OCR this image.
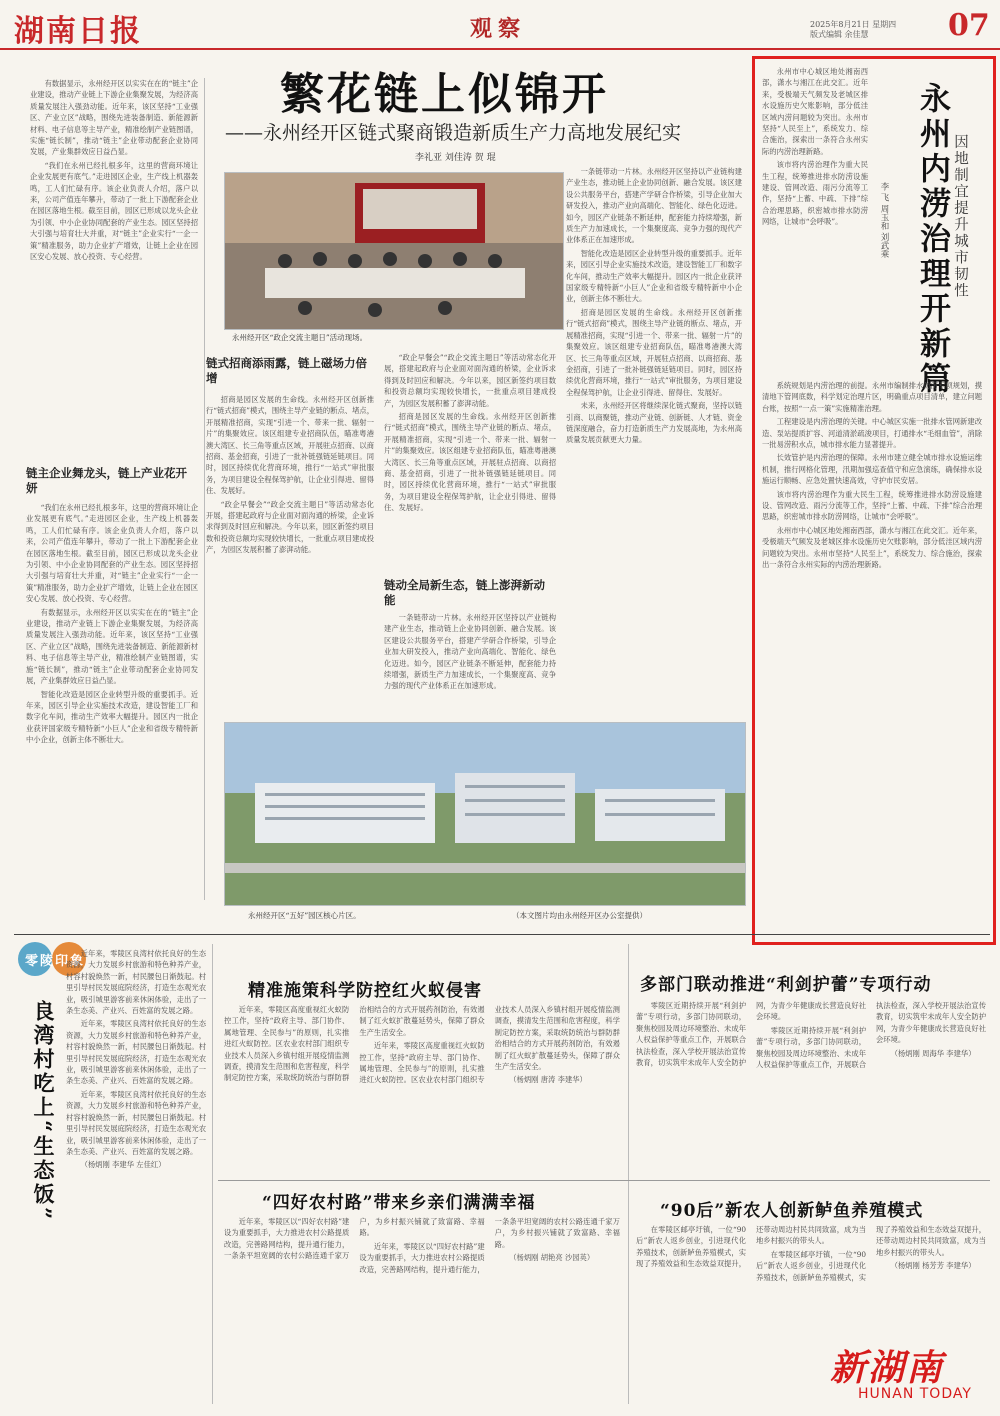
湖南日报	观察	2025年8月21日 星期四
版式编辑 余佳慧	07
繁花链上似锦开
——永州经开区链式聚商锻造新质生产力高地发展纪实
李礼亚 刘佳涛 贺 琨

有数据显示，永州经开区以实实在在的“链主”企业建设，推动产业链上下游企业集聚发展，为经济高质量发展注入强劲动能。近年来，该区坚持“工业强区、产业立区”战略，围绕先进装备制造、新能源新材料、电子信息等主导产业，精准绘制产业链图谱，实施“链长制”，推动“链主”企业带动配套企业协同发展，产业集群效应日益凸显。

“我们在永州已经扎根多年，这里的营商环境让企业发展更有底气。”走进园区企业，生产线上机器轰鸣，工人们忙碌有序。该企业负责人介绍，落户以来，公司产值连年攀升，带动了一批上下游配套企业在园区落地生根。截至目前，园区已形成以龙头企业为引领、中小企业协同配套的产业生态。园区坚持招大引强与培育壮大并重，对“链主”企业实行“一企一策”精准服务，助力企业扩产增效，让链上企业在园区安心发展、放心投资、专心经营。

链主企业舞龙头，链上产业花开妍

“我们在永州已经扎根多年，这里的营商环境让企业发展更有底气。”走进园区企业，生产线上机器轰鸣，工人们忙碌有序。该企业负责人介绍，落户以来，公司产值连年攀升，带动了一批上下游配套企业在园区落地生根。截至目前，园区已形成以龙头企业为引领、中小企业协同配套的产业生态。园区坚持招大引强与培育壮大并重，对“链主”企业实行“一企一策”精准服务，助力企业扩产增效，让链上企业在园区安心发展、放心投资、专心经营。

有数据显示，永州经开区以实实在在的“链主”企业建设，推动产业链上下游企业集聚发展，为经济高质量发展注入强劲动能。近年来，该区坚持“工业强区、产业立区”战略，围绕先进装备制造、新能源新材料、电子信息等主导产业，精准绘制产业链图谱，实施“链长制”，推动“链主”企业带动配套企业协同发展，产业集群效应日益凸显。

智能化改造是园区企业转型升级的重要抓手。近年来，园区引导企业实施技术改造，建设智能工厂和数字化车间，推动生产效率大幅提升。园区内一批企业获评国家级专精特新“小巨人”企业和省级专精特新中小企业，创新主体不断壮大。

永州经开区“政企交流主题日”活动现场。
链式招商添雨露，链上磁场力倍增

招商是园区发展的生命线。永州经开区创新推行“链式招商”模式，围绕主导产业链的断点、堵点，开展精准招商，实现“引进一个、带来一批、辐射一片”的集聚效应。该区组建专业招商队伍，瞄准粤港澳大湾区、长三角等重点区域，开展驻点招商、以商招商、基金招商，引进了一批补链强链延链项目。同时，园区持续优化营商环境，推行“一站式”审批服务，为项目建设全程保驾护航，让企业引得进、留得住、发展好。

“政企早餐会”“政企交流主题日”等活动常态化开展，搭建起政府与企业面对面沟通的桥梁，企业诉求得到及时回应和解决。今年以来，园区新签约项目数和投资总额均实现较快增长，一批重点项目建成投产，为园区发展积蓄了澎湃动能。

“政企早餐会”“政企交流主题日”等活动常态化开展，搭建起政府与企业面对面沟通的桥梁，企业诉求得到及时回应和解决。今年以来，园区新签约项目数和投资总额均实现较快增长，一批重点项目建成投产，为园区发展积蓄了澎湃动能。

招商是园区发展的生命线。永州经开区创新推行“链式招商”模式，围绕主导产业链的断点、堵点，开展精准招商，实现“引进一个、带来一批、辐射一片”的集聚效应。该区组建专业招商队伍，瞄准粤港澳大湾区、长三角等重点区域，开展驻点招商、以商招商、基金招商，引进了一批补链强链延链项目。同时，园区持续优化营商环境，推行“一站式”审批服务，为项目建设全程保驾护航，让企业引得进、留得住、发展好。

链动全局新生态，链上澎湃新动能

一条链带动一片林。永州经开区坚持以产业链构建产业生态，推动链上企业协同创新、融合发展。该区建设公共服务平台，搭建产学研合作桥梁，引导企业加大研发投入，推动产业向高端化、智能化、绿色化迈进。如今，园区产业链条不断延伸，配套能力持续增强，新质生产力加速成长，一个集聚度高、竞争力强的现代产业体系正在加速形成。

一条链带动一片林。永州经开区坚持以产业链构建产业生态，推动链上企业协同创新、融合发展。该区建设公共服务平台，搭建产学研合作桥梁，引导企业加大研发投入，推动产业向高端化、智能化、绿色化迈进。如今，园区产业链条不断延伸，配套能力持续增强，新质生产力加速成长，一个集聚度高、竞争力强的现代产业体系正在加速形成。

智能化改造是园区企业转型升级的重要抓手。近年来，园区引导企业实施技术改造，建设智能工厂和数字化车间，推动生产效率大幅提升。园区内一批企业获评国家级专精特新“小巨人”企业和省级专精特新中小企业，创新主体不断壮大。

招商是园区发展的生命线。永州经开区创新推行“链式招商”模式，围绕主导产业链的断点、堵点，开展精准招商，实现“引进一个、带来一批、辐射一片”的集聚效应。该区组建专业招商队伍，瞄准粤港澳大湾区、长三角等重点区域，开展驻点招商、以商招商、基金招商，引进了一批补链强链延链项目。同时，园区持续优化营商环境，推行“一站式”审批服务，为项目建设全程保驾护航，让企业引得进、留得住、发展好。

未来，永州经开区将继续深化链式聚商，坚持以链引商、以商聚链，推动产业链、创新链、人才链、资金链深度融合，奋力打造新质生产力发展高地，为永州高质量发展贡献更大力量。

永州经开区“五好”园区核心片区。	（本文图片均由永州经开区办公室提供）
永州内涝治理开新篇 因地制宜提升城市韧性
李 飞 周玉和 刘武乘

永州市中心城区地处湘南西部，潇水与湘江在此交汇。近年来，受极端天气频发及老城区排水设施历史欠账影响，部分低洼区域内涝问题较为突出。永州市坚持“人民至上”，系统发力、综合施治，探索出一条符合永州实际的内涝治理新路。

该市将内涝治理作为重大民生工程，统筹推进排水防涝设施建设、管网改造、雨污分流等工作，坚持“上蓄、中疏、下排”综合治理思路，织密城市排水防涝网络，让城市“会呼吸”。

系统规划是内涝治理的前提。永州市编制排水防涝专项规划，摸清地下管网底数，科学划定治理片区，明确重点项目清单，建立问题台账，按照“一点一策”实施精准治理。

工程建设是内涝治理的关键。中心城区实施一批排水管网新建改造、泵站提质扩容、河道清淤疏浚项目，打通排水“毛细血管”，消除一批易涝积水点，城市排水能力显著提升。

长效管护是内涝治理的保障。永州市建立健全城市排水设施运维机制，推行网格化管理，汛期加强巡查值守和应急演练，确保排水设施运行顺畅、应急处置快速高效，守护市民安居。

该市将内涝治理作为重大民生工程，统筹推进排水防涝设施建设、管网改造、雨污分流等工作，坚持“上蓄、中疏、下排”综合治理思路，织密城市排水防涝网络，让城市“会呼吸”。

永州市中心城区地处湘南西部，潇水与湘江在此交汇。近年来，受极端天气频发及老城区排水设施历史欠账影响，部分低洼区域内涝问题较为突出。永州市坚持“人民至上”，系统发力、综合施治，探索出一条符合永州实际的内涝治理新路。

零陵印象
良湾村吃上“生态饭”

近年来，零陵区良湾村依托良好的生态资源，大力发展乡村旅游和特色种养产业，村容村貌焕然一新，村民腰包日渐鼓起。村里引导村民发展庭院经济，打造生态观光农业，吸引城里游客前来休闲体验，走出了一条生态美、产业兴、百姓富的发展之路。

近年来，零陵区良湾村依托良好的生态资源，大力发展乡村旅游和特色种养产业，村容村貌焕然一新，村民腰包日渐鼓起。村里引导村民发展庭院经济，打造生态观光农业，吸引城里游客前来休闲体验，走出了一条生态美、产业兴、百姓富的发展之路。

近年来，零陵区良湾村依托良好的生态资源，大力发展乡村旅游和特色种养产业，村容村貌焕然一新，村民腰包日渐鼓起。村里引导村民发展庭院经济，打造生态观光农业，吸引城里游客前来休闲体验，走出了一条生态美、产业兴、百姓富的发展之路。

（杨炳刚 李建华 左佳红）

精准施策科学防控红火蚁侵害

近年来，零陵区高度重视红火蚁防控工作，坚持“政府主导、部门协作、属地管理、全民参与”的原则，扎实推进红火蚁防控。区农业农村部门组织专业技术人员深入乡镇村组开展疫情监测调查，摸清发生范围和危害程度，科学制定防控方案，采取统防统治与群防群治相结合的方式开展药剂防治，有效遏制了红火蚁扩散蔓延势头，保障了群众生产生活安全。

近年来，零陵区高度重视红火蚁防控工作，坚持“政府主导、部门协作、属地管理、全民参与”的原则，扎实推进红火蚁防控。区农业农村部门组织专业技术人员深入乡镇村组开展疫情监测调查，摸清发生范围和危害程度，科学制定防控方案，采取统防统治与群防群治相结合的方式开展药剂防治，有效遏制了红火蚁扩散蔓延势头，保障了群众生产生活安全。

（杨炳刚 唐涛 李建华）

多部门联动推进“利剑护蕾”专项行动

零陵区近期持续开展“利剑护蕾”专项行动，多部门协同联动，聚焦校园及周边环境整治、未成年人权益保护等重点工作，开展联合执法检查，深入学校开展法治宣传教育，切实筑牢未成年人安全防护网，为青少年健康成长营造良好社会环境。

零陵区近期持续开展“利剑护蕾”专项行动，多部门协同联动，聚焦校园及周边环境整治、未成年人权益保护等重点工作，开展联合执法检查，深入学校开展法治宣传教育，切实筑牢未成年人安全防护网，为青少年健康成长营造良好社会环境。

（杨炳刚 周海华 李建华）

“四好农村路”带来乡亲们满满幸福

近年来，零陵区以“四好农村路”建设为重要抓手，大力推进农村公路提质改造，完善路网结构，提升通行能力，一条条平坦宽阔的农村公路连通千家万户，为乡村振兴铺就了致富路、幸福路。

近年来，零陵区以“四好农村路”建设为重要抓手，大力推进农村公路提质改造，完善路网结构，提升通行能力，一条条平坦宽阔的农村公路连通千家万户，为乡村振兴铺就了致富路、幸福路。

（杨炳刚 胡艳亮 沙园英）

“90后”新农人创新鲈鱼养殖模式

在零陵区邮亭圩镇，一位“90后”新农人返乡创业，引进现代化养殖技术，创新鲈鱼养殖模式，实现了养殖效益和生态效益双提升，还带动周边村民共同致富，成为当地乡村振兴的带头人。

在零陵区邮亭圩镇，一位“90后”新农人返乡创业，引进现代化养殖技术，创新鲈鱼养殖模式，实现了养殖效益和生态效益双提升，还带动周边村民共同致富，成为当地乡村振兴的带头人。

（杨炳刚 杨芳芳 李建华）

新湖南
HUNAN TODAY
